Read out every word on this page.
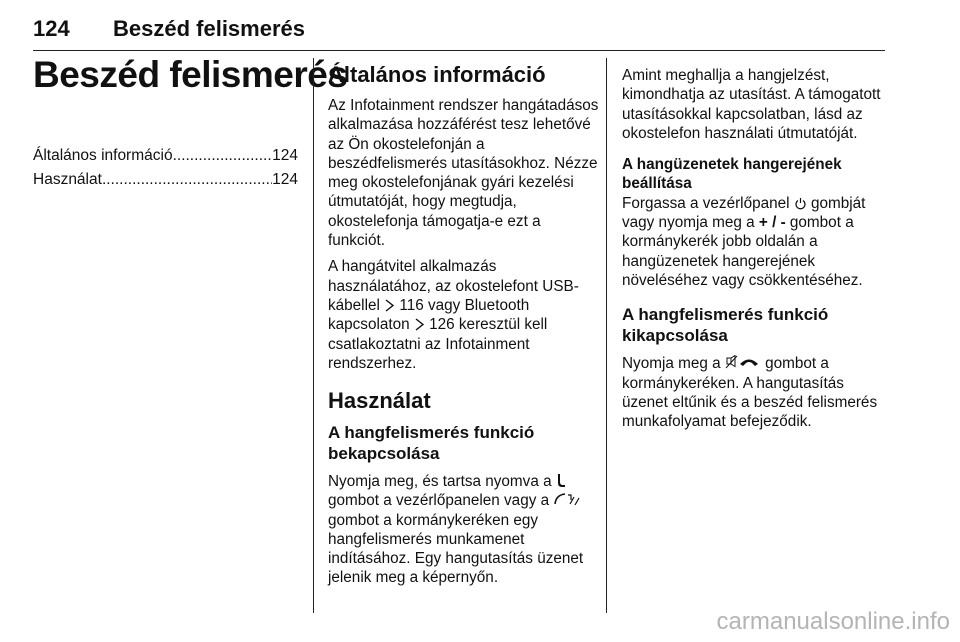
124 Beszéd felismerés
Beszéd felismerés
Általános információ .....	124
Használat .....	124
Általános információ

Az Infotainment rendszer hangátadásos alkalmazása hozzáférést tesz lehetővé az Ön okostelefonján a beszédfelismerés utasításokhoz. Nézze meg okostelefonjának gyári kezelési útmutatóját, hogy megtudja, okostelefonja támogatja-e ezt a funkciót.

A hangátvitel alkalmazás használatához, az okostelefont USB-kábellel 116 vagy Bluetooth kapcsolaton 126 keresztül kell csatlakoztatni az Infotainment rendszerhez.

Használat
A hangfelismerés funkció bekapcsolása

Nyomja meg, és tartsa nyomva a  gombot a vezérlőpanelen vagy a  gombot a kormánykeréken egy hangfelismerés munkamenet indításához. Egy hangutasítás üzenet jelenik meg a képernyőn.

Amint meghallja a hangjelzést, kimondhatja az utasítást. A támogatott utasításokkal kapcsolatban, lásd az okostelefon használati útmutatóját.

A hangüzenetek hangerejének beállítása

Forgassa a vezérlőpanel gombját vagy nyomja meg a + / - gombot a kormánykerék jobb oldalán a hangüzenetek hangerejének növeléséhez vagy csökkentéséhez.

A hangfelismerés funkció kikapcsolása

Nyomja meg a	gombot a kormánykeréken. A hangutasítás üzenet eltűnik és a beszéd felismerés munkafolyamat befejeződik.

carmanualsonline.info
